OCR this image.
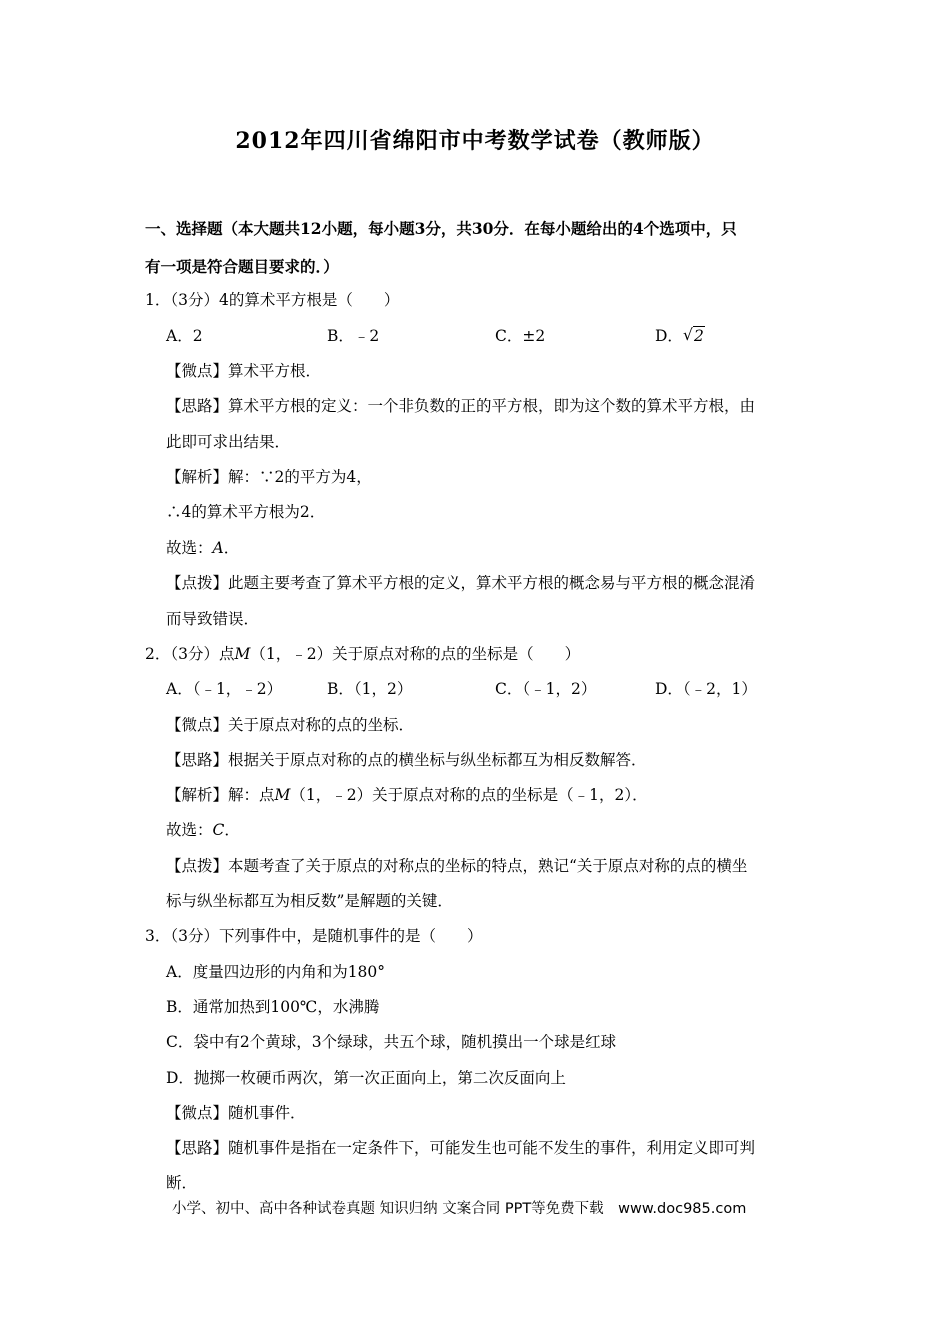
2012年四川省绵阳市中考数学试卷（教师版）
一、选择题（本大题共12小题，每小题3分，共30分．在每小题给出的4个选项中，只
有一项是符合题目要求的．）
1．（3分）4的算术平方根是（　　）
A．2	B．﹣2	C．±2	D． √ 2
【微点】算术平方根．
【思路】算术平方根的定义：一个非负数的正的平方根，即为这个数的算术平方根，由
此即可求出结果．
【解析】解：∵2的平方为4，
∴4的算术平方根为2．
故选：A．
【点拨】此题主要考查了算术平方根的定义，算术平方根的概念易与平方根的概念混淆
而导致错误．
2．（3分）点M（1，﹣2）关于原点对称的点的坐标是（　　）
A．（﹣1，﹣2）	B．（1，2）	C．（﹣1，2）	D．（﹣2，1）
【微点】关于原点对称的点的坐标．
【思路】根据关于原点对称的点的横坐标与纵坐标都互为相反数解答．
【解析】解：点M（1，﹣2）关于原点对称的点的坐标是（﹣1，2）．
故选：C．
【点拨】本题考查了关于原点的对称点的坐标的特点，熟记“关于原点对称的点的横坐
标与纵坐标都互为相反数”是解题的关键．
3．（3分）下列事件中，是随机事件的是（　　）
A．度量四边形的内角和为180°
B．通常加热到100℃，水沸腾
C．袋中有2个黄球，3个绿球，共五个球，随机摸出一个球是红球
D．抛掷一枚硬币两次，第一次正面向上，第二次反面向上
【微点】随机事件．
【思路】随机事件是指在一定条件下，可能发生也可能不发生的事件，利用定义即可判
断．
小学、初中、高中各种试卷真题 知识归纳 文案合同 PPT等免费下载　www.doc985.com
